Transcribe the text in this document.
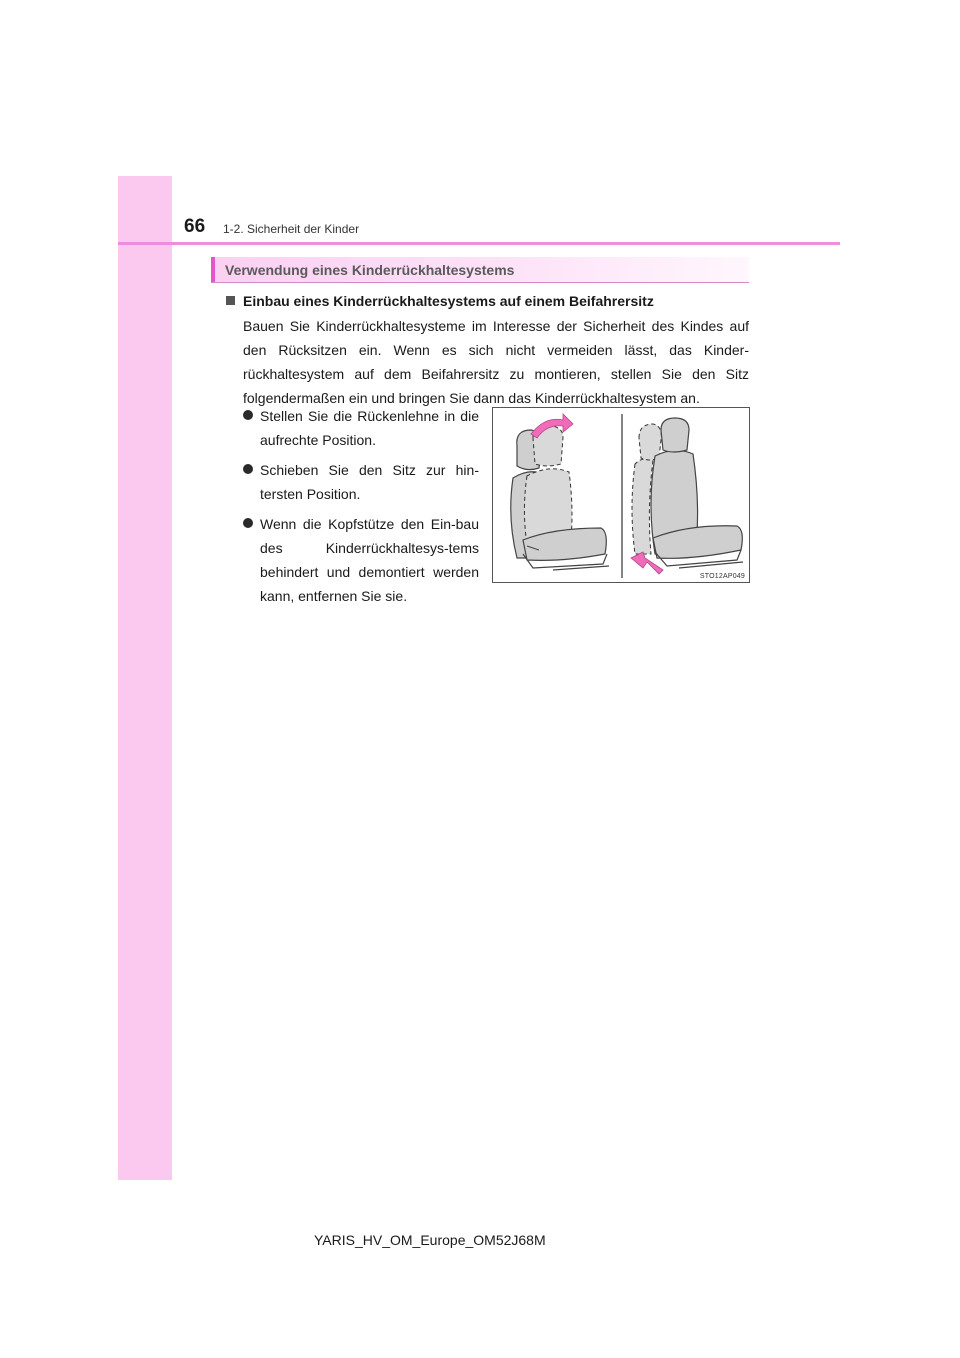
66 1-2. Sicherheit der Kinder
Verwendung eines Kinderrückhaltesystems
Einbau eines Kinderrückhaltesystems auf einem Beifahrersitz

Bauen Sie Kinderrückhaltesysteme im Interesse der Sicherheit des Kindes auf den Rücksitzen ein. Wenn es sich nicht vermeiden lässt, das Kinder-rückhaltesystem auf dem Beifahrersitz zu montieren, stellen Sie den Sitz folgendermaßen ein und bringen Sie dann das Kinderrückhaltesystem an.

Stellen Sie die Rückenlehne in die aufrechte Position.
Schieben Sie den Sitz zur hin-tersten Position.
Wenn die Kopfstütze den Ein-bau des Kinderrückhaltesys-tems behindert und demontiert werden kann, entfernen Sie sie.
STO12AP049
YARIS_HV_OM_Europe_OM52J68M
